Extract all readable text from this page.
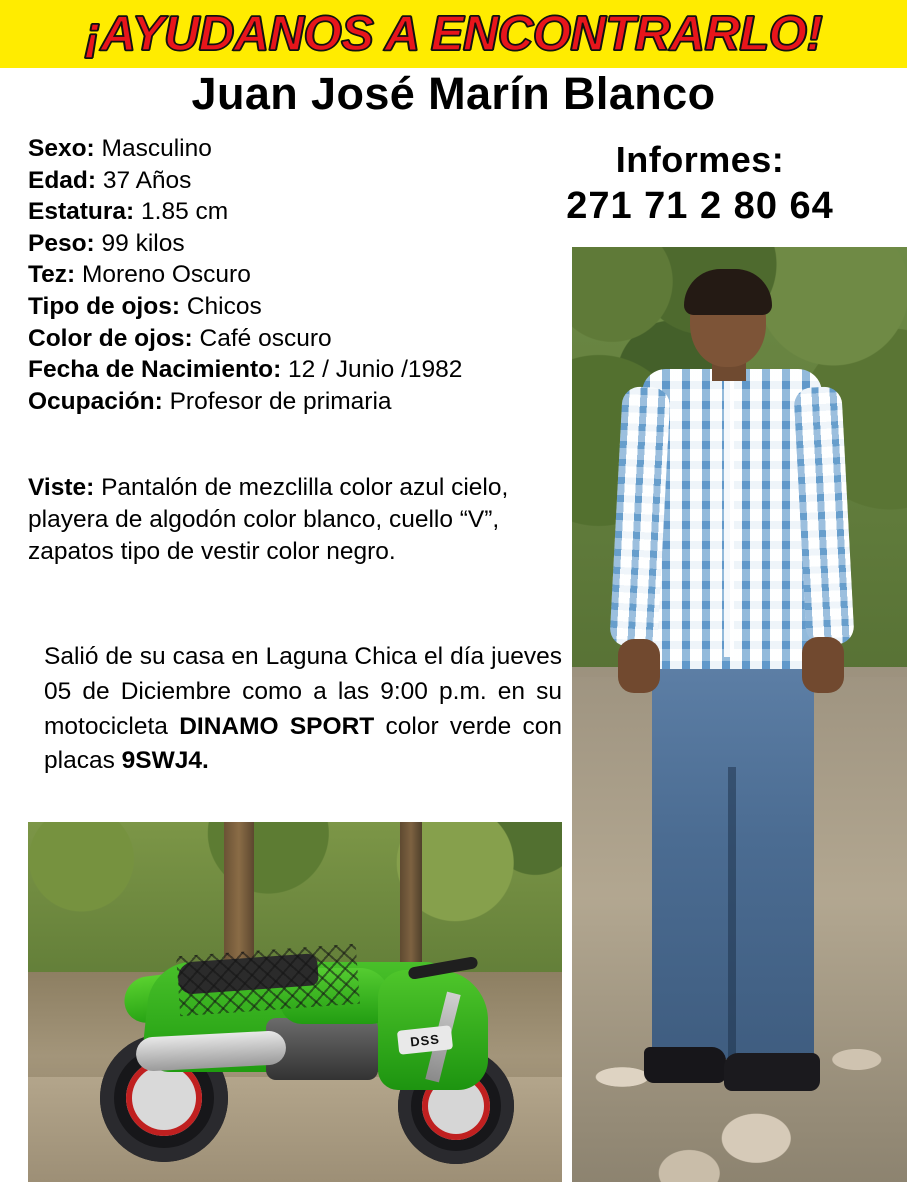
¡AYUDANOS A ENCONTRARLO!
Juan José Marín Blanco
Informes:
271 71 2 80 64
Sexo: Masculino
Edad: 37 Años
Estatura: 1.85 cm
Peso: 99 kilos
Tez: Moreno Oscuro
Tipo de ojos: Chicos
Color de ojos: Café oscuro
Fecha de Nacimiento: 12 / Junio /1982
Ocupación: Profesor de primaria
Viste: Pantalón de mezclilla color azul cielo, playera de algodón color blanco, cuello “V”, zapatos tipo de vestir color negro.
Salió de su casa en Laguna Chica el día jueves 05 de Diciembre como a las 9:00 p.m. en su motocicleta DINAMO SPORT color verde con placas 9SWJ4.
DSS
